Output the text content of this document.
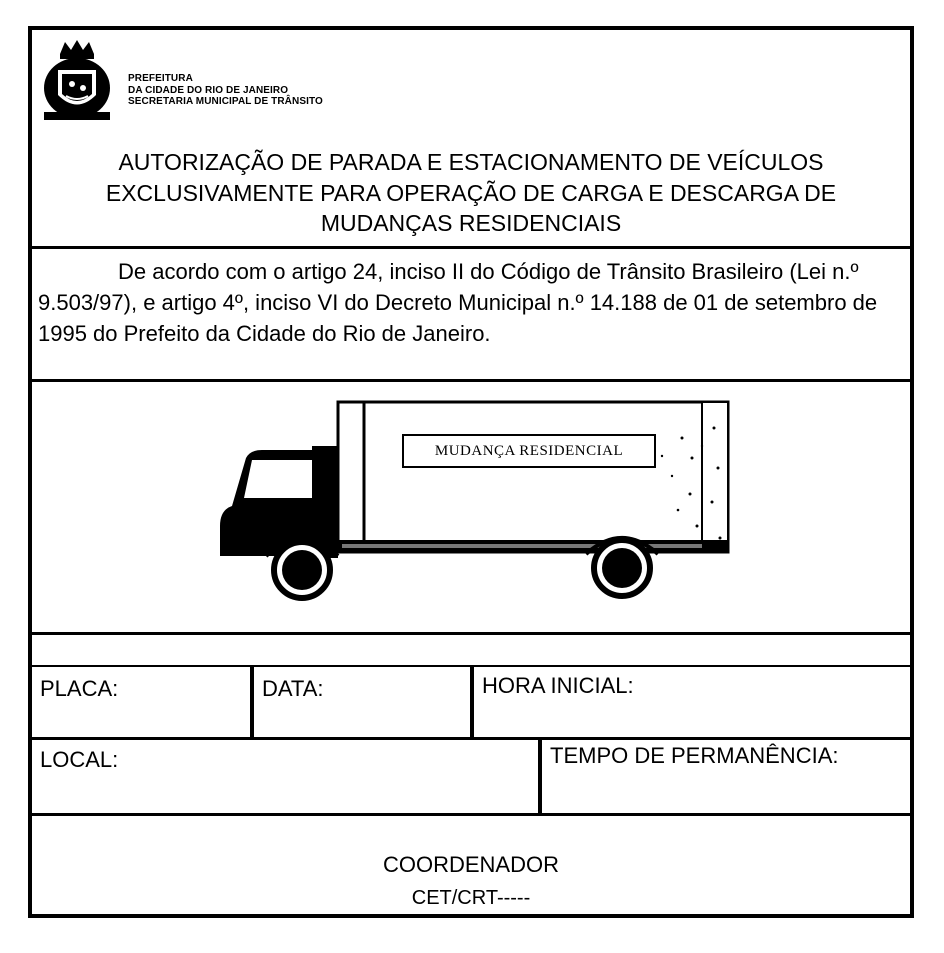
PREFEITURA
DA CIDADE DO RIO DE JANEIRO
SECRETARIA MUNICIPAL DE TRÂNSITO
AUTORIZAÇÃO DE PARADA E ESTACIONAMENTO DE VEÍCULOS
EXCLUSIVAMENTE PARA OPERAÇÃO DE CARGA E DESCARGA DE
MUDANÇAS RESIDENCIAIS

De acordo com o artigo 24, inciso II do Código de Trânsito Brasileiro (Lei n.º 9.503/97), e artigo 4º, inciso VI do Decreto Municipal n.º 14.188 de 01 de setembro de 1995 do Prefeito da Cidade do Rio de Janeiro.

MUDANÇA RESIDENCIAL
PLACA:	DATA:	HORA INICIAL:
LOCAL:	TEMPO DE PERMANÊNCIA:
COORDENADOR
CET/CRT-----
